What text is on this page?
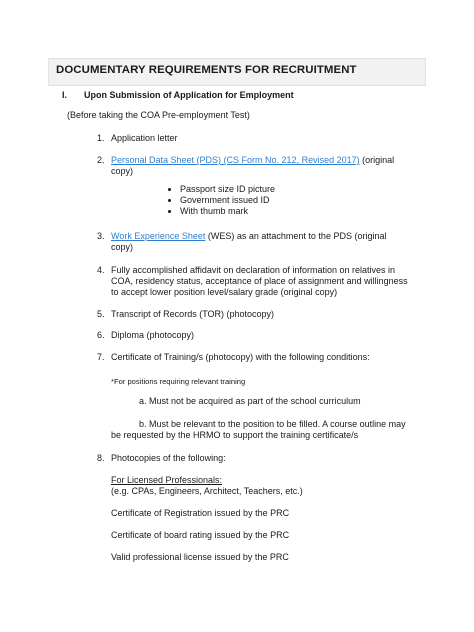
DOCUMENTARY REQUIREMENTS FOR RECRUITMENT
I. Upon Submission of Application for Employment
(Before taking the COA Pre-employment Test)
1. Application letter
2. Personal Data Sheet (PDS) (CS Form No. 212, Revised 2017) (original
copy)
Passport size ID picture
Government issued ID
With thumb mark
3. Work Experience Sheet (WES) as an attachment to the PDS (original
copy)
4. Fully accomplished affidavit on declaration of information on relatives in
COA, residency status, acceptance of place of assignment and willingness
to accept lower position level/salary grade (original copy)
5. Transcript of Records (TOR) (photocopy)
6. Diploma (photocopy)
7. Certificate of Training/s (photocopy) with the following conditions:
*For positions requiring relevant training
a. Must not be acquired as part of the school curriculum
b. Must be relevant to the position to be filled. A course outline may
be requested by the HRMO to support the training certificate/s
8. Photocopies of the following:
For Licensed Professionals:
(e.g. CPAs, Engineers, Architect, Teachers, etc.)
Certificate of Registration issued by the PRC
Certificate of board rating issued by the PRC
Valid professional license issued by the PRC
